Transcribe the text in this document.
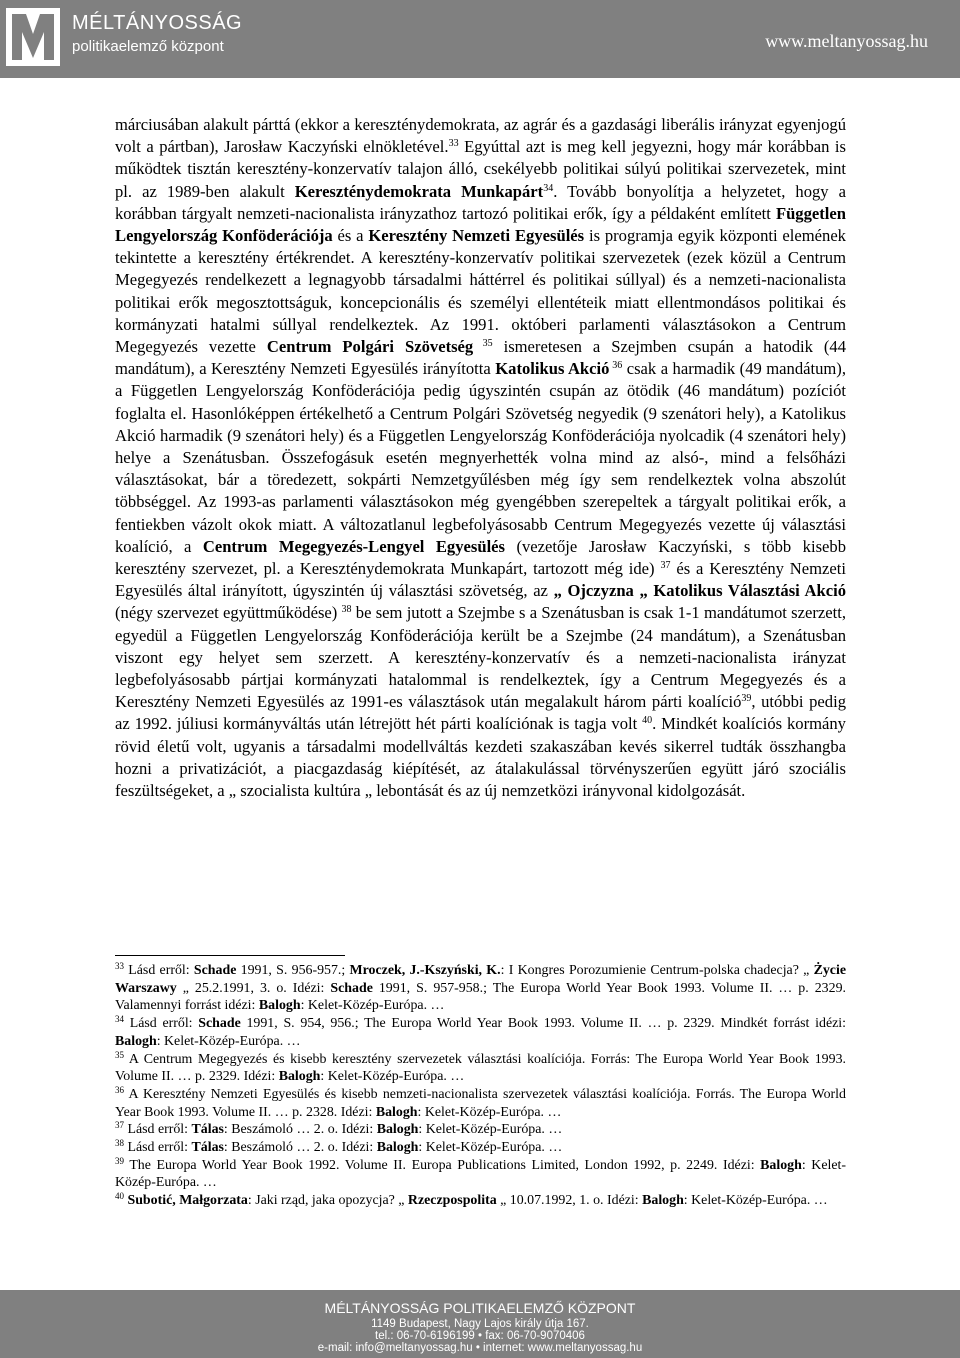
MÉLTÁNYOSSÁG
politikaelemző központ	www.meltanyossag.hu
márciusában alakult párttá (ekkor a kereszténydemokrata, az agrár és a gazdasági liberális irányzat egyenjogú volt a pártban), Jarosław Kaczyński elnökletével.$^{33}$ Egyúttal azt is meg kell jegyezni, hogy már korábban is működtek tisztán keresztény-konzervatív talajon álló, csekélyebb politikai súlyú politikai szervezetek, mint pl. az 1989-ben alakult Kereszténydemokrata Munkapárt$^{34}$. Tovább bonyolítja a helyzetet, hogy a korábban tárgyalt nemzeti-nacionalista irányzathoz tartozó politikai erők, így a példaként említett Független Lengyelország Konföderációja és a Keresztény Nemzeti Egyesülés is programja egyik központi elemének tekintette a keresztény értékrendet. A keresztény-konzervatív politikai szervezetek (ezek közül a Centrum Megegyezés rendelkezett a legnagyobb társadalmi háttérrel és politikai súllyal) és a nemzeti-nacionalista politikai erők megosztottságuk, koncepcionális és személyi ellentéteik miatt ellentmondásos politikai és kormányzati hatalmi súllyal rendelkeztek. Az 1991. októberi parlamenti választásokon a Centrum Megegyezés vezette Centrum Polgári Szövetség $^{35}$ ismeretesen a Szejmben csupán a hatodik (44 mandátum), a Keresztény Nemzeti Egyesülés irányította Katolikus Akció $^{36}$ csak a harmadik (49 mandátum), a Független Lengyelország Konföderációja pedig úgyszintén csupán az ötödik (46 mandátum) pozíciót foglalta el. Hasonlóképpen értékelhető a Centrum Polgári Szövetség negyedik (9 szenátori hely), a Katolikus Akció harmadik (9 szenátori hely) és a Független Lengyelország Konföderációja nyolcadik (4 szenátori hely) helye a Szenátusban. Összefogásuk esetén megnyerhették volna mind az alsó-, mind a felsőházi választásokat, bár a töredezett, sokpárti Nemzetgyűlésben még így sem rendelkeztek volna abszolút többséggel. Az 1993-as parlamenti választásokon még gyengébben szerepeltek a tárgyalt politikai erők, a fentiekben vázolt okok miatt. A változatlanul legbefolyásosabb Centrum Megegyezés vezette új választási koalíció, a Centrum Megegyezés-Lengyel Egyesülés (vezetője Jarosław Kaczyński, s több kisebb keresztény szervezet, pl. a Kereszténydemokrata Munkapárt, tartozott még ide) $^{37}$ és a Keresztény Nemzeti Egyesülés által irányított, úgyszintén új választási szövetség, az „ Ojczyzna „ Katolikus Választási Akció (négy szervezet együttműködése) $^{38}$ be sem jutott a Szejmbe s a Szenátusban is csak 1-1 mandátumot szerzett, egyedül a Független Lengyelország Konföderációja került be a Szejmbe (24 mandátum), a Szenátusban viszont egy helyet sem szerzett. A keresztény-konzervatív és a nemzeti-nacionalista irányzat legbefolyásosabb pártjai kormányzati hatalommal is rendelkeztek, így a Centrum Megegyezés és a Keresztény Nemzeti Egyesülés az 1991-es választások után megalakult három párti koalíció$^{39}$, utóbbi pedig az 1992. júliusi kormányváltás után létrejött hét párti koalíciónak is tagja volt $^{40}$. Mindkét koalíciós kormány rövid életű volt, ugyanis a társadalmi modellváltás kezdeti szakaszában kevés sikerrel tudták összhangba hozni a privatizációt, a piacgazdaság kiépítését, az átalakulással törvényszerűen együtt járó szociális feszültségeket, a „ szocialista kultúra „ lebontását és az új nemzetközi irányvonal kidolgozását.

$^{33}$ Lásd erről: Schade 1991, S. 956-957.; Mroczek, J.-Kszyński, K.: I Kongres Porozumienie Centrum-polska chadecja? „ Życie Warszawy „ 25.2.1991, 3. o. Idézi: Schade 1991, S. 957-958.; The Europa World Year Book 1993. Volume II. … p. 2329. Valamennyi forrást idézi: Balogh: Kelet-Közép-Európa. …

$^{34}$ Lásd erről: Schade 1991, S. 954, 956.; The Europa World Year Book 1993. Volume II. … p. 2329. Mindkét forrást idézi: Balogh: Kelet-Közép-Európa. …

$^{35}$ A Centrum Megegyezés és kisebb keresztény szervezetek választási koalíciója. Forrás: The Europa World Year Book 1993. Volume II. … p. 2329. Idézi: Balogh: Kelet-Közép-Európa. …

$^{36}$ A Keresztény Nemzeti Egyesülés és kisebb nemzeti-nacionalista szervezetek választási koalíciója. Forrás. The Europa World Year Book 1993. Volume II. … p. 2328. Idézi: Balogh: Kelet-Közép-Európa. …

$^{37}$ Lásd erről: Tálas: Beszámoló … 2. o. Idézi: Balogh: Kelet-Közép-Európa. …

$^{38}$ Lásd erről: Tálas: Beszámoló … 2. o. Idézi: Balogh: Kelet-Közép-Európa. …

$^{39}$ The Europa World Year Book 1992. Volume II. Europa Publications Limited, London 1992, p. 2249. Idézi: Balogh: Kelet-Közép-Európa. …

$^{40}$ Subotić, Małgorzata: Jaki rząd, jaka opozycja? „ Rzeczpospolita „ 10.07.1992, 1. o. Idézi: Balogh: Kelet-Közép-Európa. …

MÉLTÁNYOSSÁG POLITIKAELEMZŐ KÖZPONT
1149 Budapest, Nagy Lajos király útja 167.
tel.: 06-70-6196199 • fax: 06-70-9070406
e-mail: info@meltanyossag.hu • internet: www.meltanyossag.hu
